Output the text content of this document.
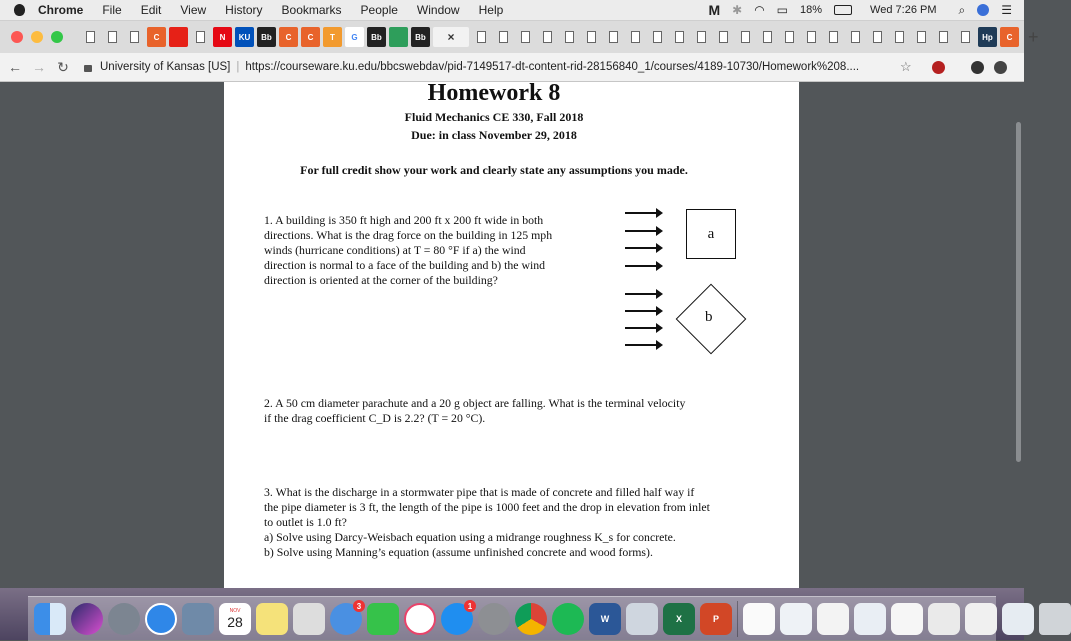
Chrome File Edit View History Bookmarks People Window Help	M ✱ ◠ ▭ 18%	Wed 7:26 PM ⌕	☰
C	N KU Bb C C T G Bb	Bb	×	Hp C +
← → ↻	University of Kansas [US] | https://courseware.ku.edu/bbcswebdav/pid-7149517-dt-content-rid-28156840_1/courses/4189-10730/Homework%208....	☆
Homework 8
Fluid Mechanics CE 330, Fall 2018
Due: in class November 29, 2018
For full credit show your work and clearly state any assumptions you made.
1. A building is 350 ft high and 200 ft x 200 ft wide in both
directions. What is the drag force on the building in 125 mph
winds (hurricane conditions) at T = 80 °F if a) the wind
direction is normal to a face of the building and b) the wind
direction is oriented at the corner of the building?
a
b
2. A 50 cm diameter parachute and a 20 g object are falling. What is the terminal velocity
if the drag coefficient C_D is 2.2? (T = 20 °C).
3. What is the discharge in a stormwater pipe that is made of concrete and filled half way if
the pipe diameter is 3 ft, the length of the pipe is 1000 feet and the drop in elevation from inlet
to outlet is 1.0 ft?
a) Solve using Darcy-Weisbach equation using a midrange roughness K_s for concrete.
b) Solve using Manning’s equation (assume unfinished concrete and wood forms).
NOV
28
3	1
W	X	P
